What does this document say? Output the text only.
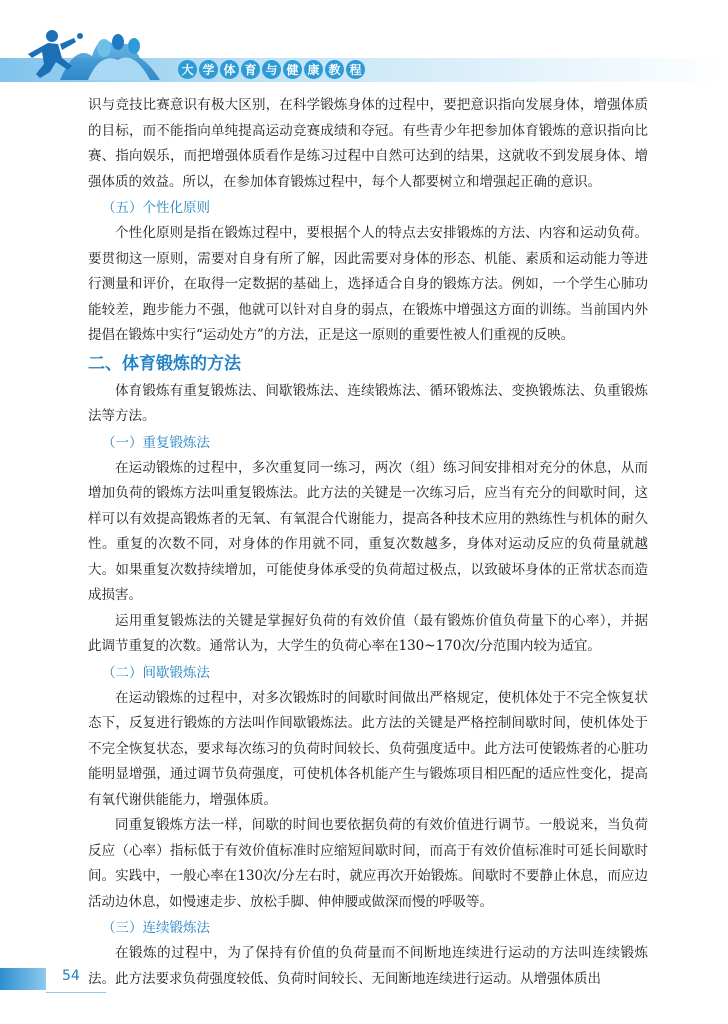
大 学 体 育 与 健 康 教 程

识与竞技比赛意识有极大区别，在科学锻炼身体的过程中，要把意识指向发展身体，增强体质的目标，而不能指向单纯提高运动竞赛成绩和夺冠。有些青少年把参加体育锻炼的意识指向比赛、指向娱乐，而把增强体质看作是练习过程中自然可达到的结果，这就收不到发展身体、增强体质的效益。所以，在参加体育锻炼过程中，每个人都要树立和增强起正确的意识。

（五）个性化原则

个性化原则是指在锻炼过程中，要根据个人的特点去安排锻炼的方法、内容和运动负荷。要贯彻这一原则，需要对自身有所了解，因此需要对身体的形态、机能、素质和运动能力等进行测量和评价，在取得一定数据的基础上，选择适合自身的锻炼方法。例如，一个学生心肺功能较差，跑步能力不强，他就可以针对自身的弱点，在锻炼中增强这方面的训练。当前国内外提倡在锻炼中实行“运动处方”的方法，正是这一原则的重要性被人们重视的反映。

二、体育锻炼的方法

体育锻炼有重复锻炼法、间歇锻炼法、连续锻炼法、循环锻炼法、变换锻炼法、负重锻炼法等方法。

（一）重复锻炼法

在运动锻炼的过程中，多次重复同一练习，两次（组）练习间安排相对充分的休息，从而增加负荷的锻炼方法叫重复锻炼法。此方法的关键是一次练习后，应当有充分的间歇时间，这样可以有效提高锻炼者的无氧、有氧混合代谢能力，提高各种技术应用的熟练性与机体的耐久性。重复的次数不同，对身体的作用就不同，重复次数越多，身体对运动反应的负荷量就越大。如果重复次数持续增加，可能使身体承受的负荷超过极点，以致破坏身体的正常状态而造成损害。

运用重复锻炼法的关键是掌握好负荷的有效价值（最有锻炼价值负荷量下的心率），并据此调节重复的次数。通常认为，大学生的负荷心率在130~170次/分范围内较为适宜。

（二）间歇锻炼法

在运动锻炼的过程中，对多次锻炼时的间歇时间做出严格规定，使机体处于不完全恢复状态下，反复进行锻炼的方法叫作间歇锻炼法。此方法的关键是严格控制间歇时间，使机体处于不完全恢复状态，要求每次练习的负荷时间较长、负荷强度适中。此方法可使锻炼者的心脏功能明显增强，通过调节负荷强度，可使机体各机能产生与锻炼项目相匹配的适应性变化，提高有氧代谢供能能力，增强体质。

同重复锻炼方法一样，间歇的时间也要依据负荷的有效价值进行调节。一般说来，当负荷反应（心率）指标低于有效价值标准时应缩短间歇时间，而高于有效价值标准时可延长间歇时间。实践中，一般心率在130次/分左右时，就应再次开始锻炼。间歇时不要静止休息，而应边活动边休息，如慢速走步、放松手脚、伸伸腰或做深而慢的呼吸等。

（三）连续锻炼法

在锻炼的过程中，为了保持有价值的负荷量而不间断地连续进行运动的方法叫连续锻炼法。此方法要求负荷强度较低、负荷时间较长、无间断地连续进行运动。从增强体质出

54
